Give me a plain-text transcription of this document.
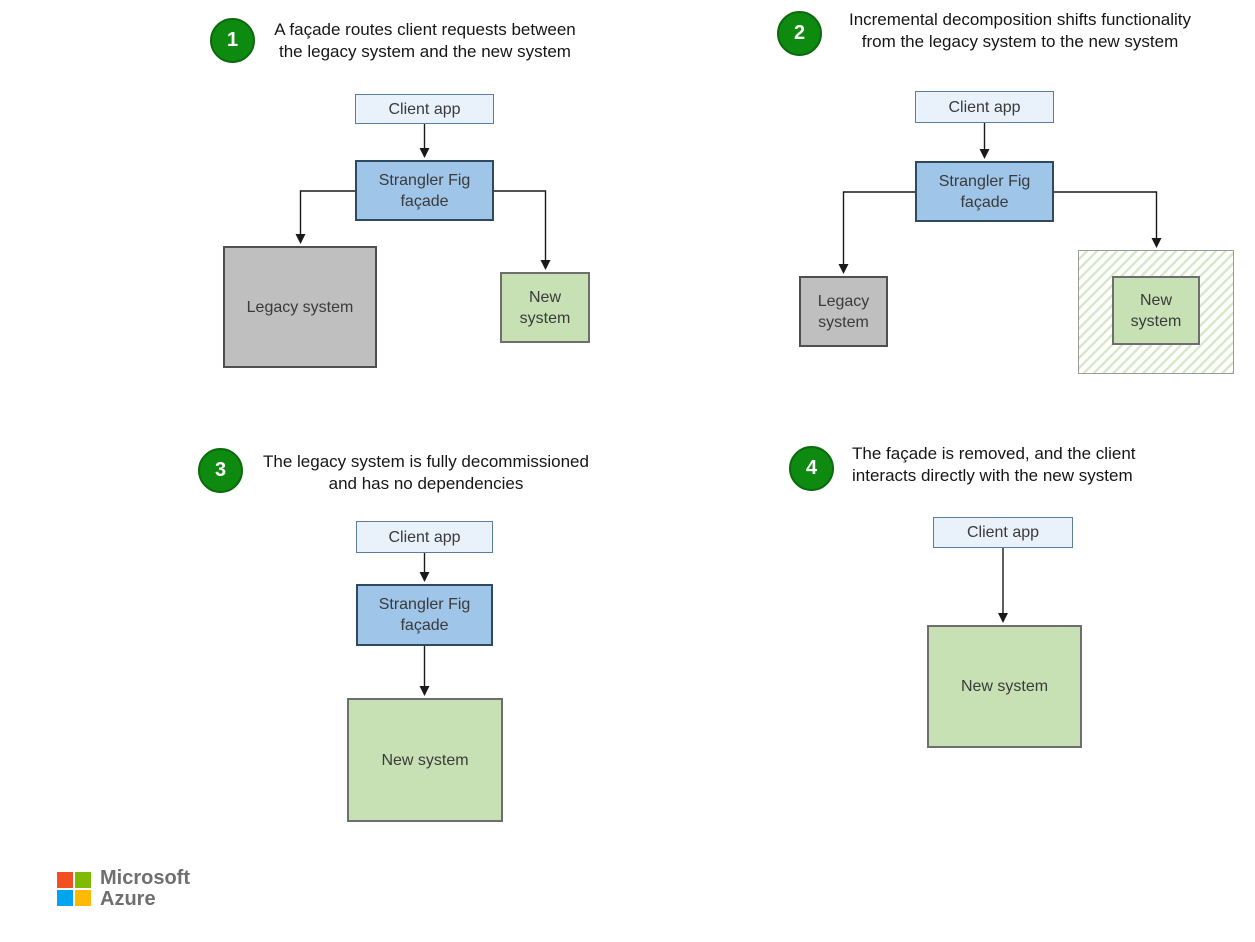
1	A façade routes client requests between
the legacy system and the new system
Client app
Strangler Fig façade
Legacy system
New system
2
Incremental decomposition shifts functionality
from the legacy system to the new system
Client app
Strangler Fig façade
Legacy system
New system
3	The legacy system is fully decommissioned
and has no dependencies
Client app
Strangler Fig façade
New system
4
The façade is removed, and the client
interacts directly with the new system
Client app
New system
Microsoft
Azure
